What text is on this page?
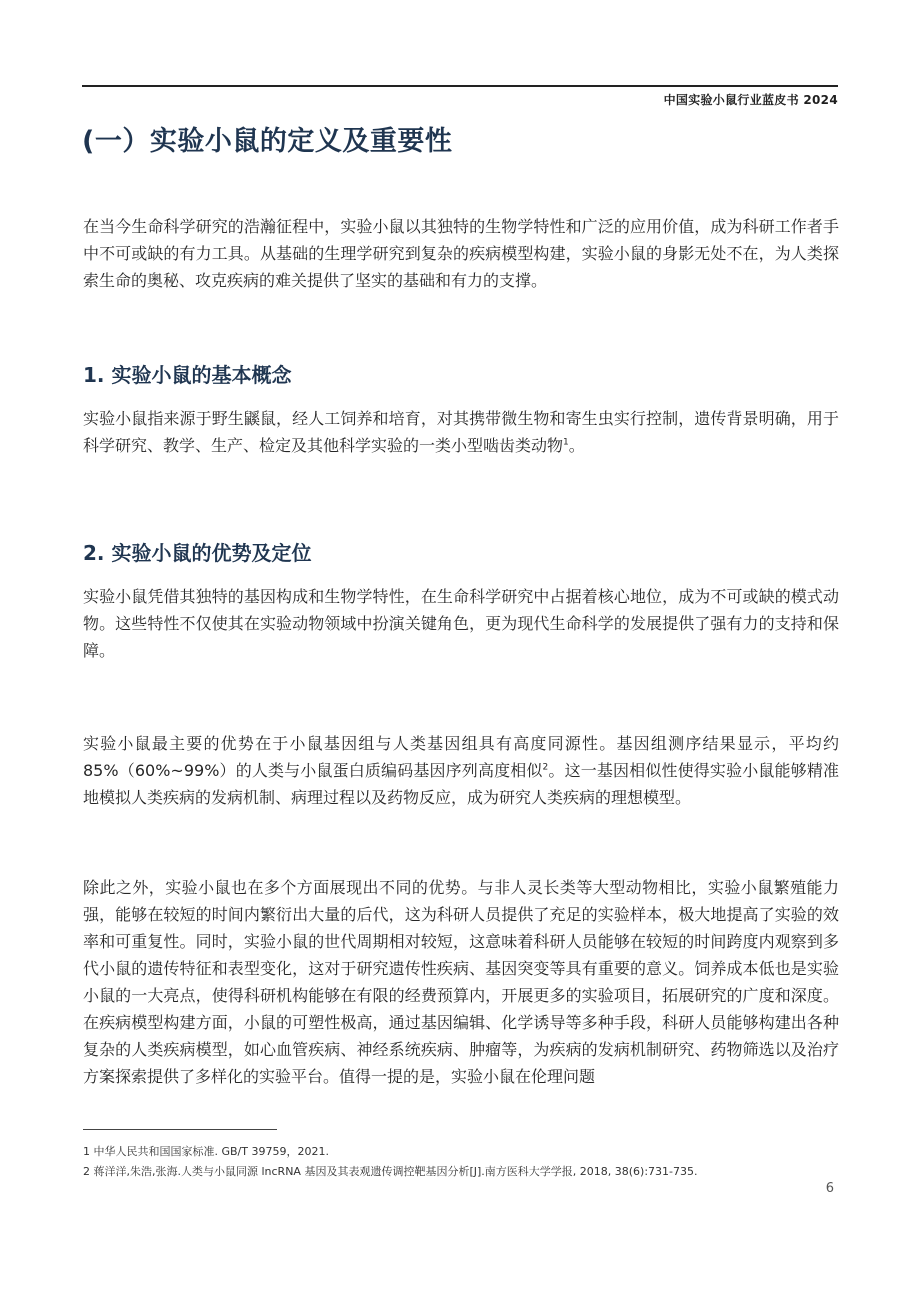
中国实验小鼠行业蓝皮书 2024
(一）实验小鼠的定义及重要性

在当今生命科学研究的浩瀚征程中，实验小鼠以其独特的生物学特性和广泛的应用价值，成为科研工作者手中不可或缺的有力工具。从基础的生理学研究到复杂的疾病模型构建，实验小鼠的身影无处不在，为人类探索生命的奥秘、攻克疾病的难关提供了坚实的基础和有力的支撑。

1. 实验小鼠的基本概念

实验小鼠指来源于野生鼷鼠，经人工饲养和培育，对其携带微生物和寄生虫实行控制，遗传背景明确，用于科学研究、教学、生产、检定及其他科学实验的一类小型啮齿类动物$^1$。

2. 实验小鼠的优势及定位

实验小鼠凭借其独特的基因构成和生物学特性，在生命科学研究中占据着核心地位，成为不可或缺的模式动物。这些特性不仅使其在实验动物领域中扮演关键角色，更为现代生命科学的发展提供了强有力的支持和保障。

实验小鼠最主要的优势在于小鼠基因组与人类基因组具有高度同源性。基因组测序结果显示，平均约85%（60%~99%）的人类与小鼠蛋白质编码基因序列高度相似$^2$。这一基因相似性使得实验小鼠能够精准地模拟人类疾病的发病机制、病理过程以及药物反应，成为研究人类疾病的理想模型。

除此之外，实验小鼠也在多个方面展现出不同的优势。与非人灵长类等大型动物相比，实验小鼠繁殖能力强，能够在较短的时间内繁衍出大量的后代，这为科研人员提供了充足的实验样本，极大地提高了实验的效率和可重复性。同时，实验小鼠的世代周期相对较短，这意味着科研人员能够在较短的时间跨度内观察到多代小鼠的遗传特征和表型变化，这对于研究遗传性疾病、基因突变等具有重要的意义。饲养成本低也是实验小鼠的一大亮点，使得科研机构能够在有限的经费预算内，开展更多的实验项目，拓展研究的广度和深度。在疾病模型构建方面，小鼠的可塑性极高，通过基因编辑、化学诱导等多种手段，科研人员能够构建出各种复杂的人类疾病模型，如心血管疾病、神经系统疾病、肿瘤等，为疾病的发病机制研究、药物筛选以及治疗方案探索提供了多样化的实验平台。值得一提的是，实验小鼠在伦理问题

1 中华人民共和国国家标准. GB/T 39759，2021.
2 蒋洋洋,朱浩,张海.人类与小鼠同源 lncRNA 基因及其表观遗传调控靶基因分析[J].南方医科大学学报, 2018, 38(6):731-735.
6
